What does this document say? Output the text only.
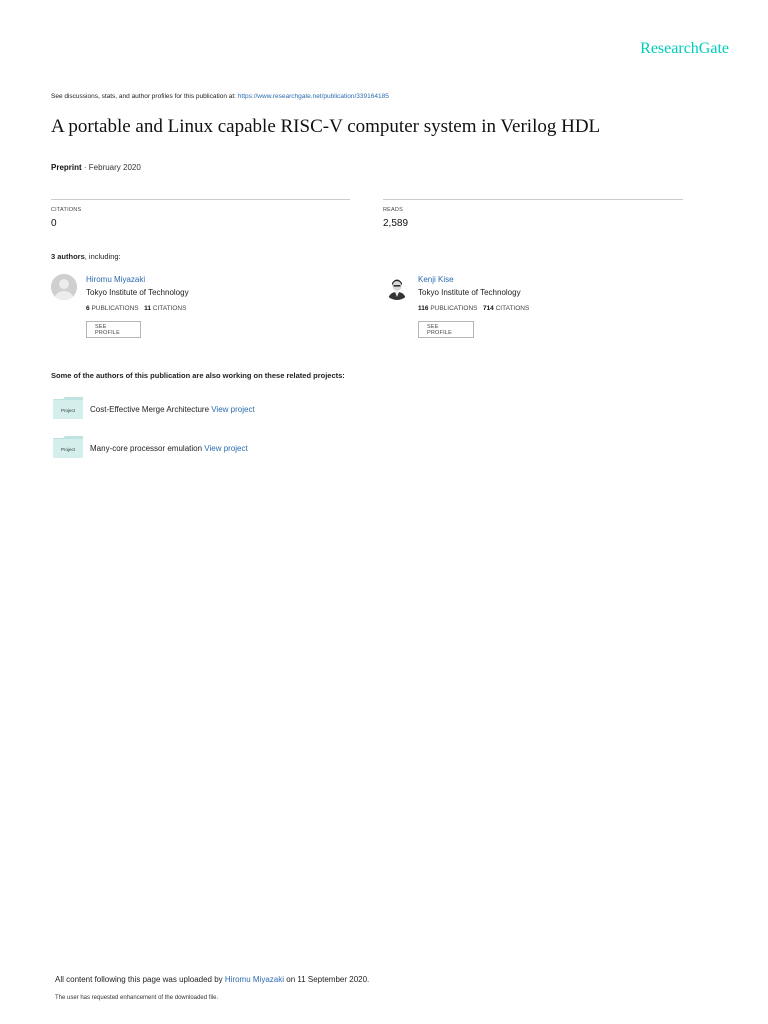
ResearchGate
See discussions, stats, and author profiles for this publication at: https://www.researchgate.net/publication/339164185
A portable and Linux capable RISC-V computer system in Verilog HDL
Preprint · February 2020
CITATIONS
0
READS
2,589
3 authors, including:
Hiromu Miyazaki
Tokyo Institute of Technology
6 PUBLICATIONS 11 CITATIONS
SEE PROFILE
Kenji Kise
Tokyo Institute of Technology
116 PUBLICATIONS 714 CITATIONS
SEE PROFILE
Some of the authors of this publication are also working on these related projects:
Project Cost-Effective Merge Architecture View project
Project Many-core processor emulation View project
All content following this page was uploaded by Hiromu Miyazaki on 11 September 2020.
The user has requested enhancement of the downloaded file.
